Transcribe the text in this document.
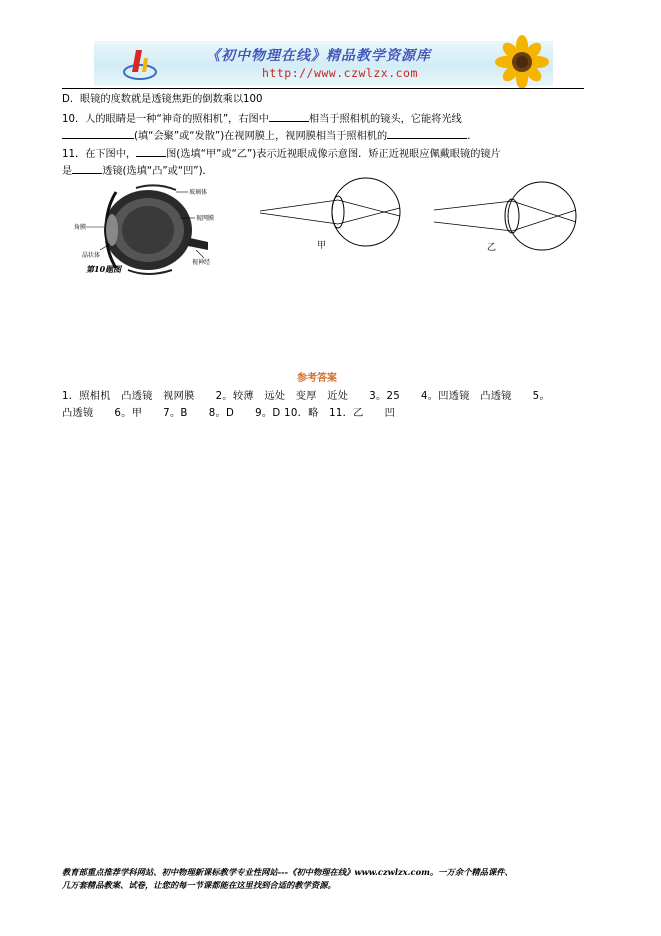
《初中物理在线》精品教学资源库
http://www.czwlzx.com
D．眼镜的度数就是透镜焦距的倒数乘以100
10．人的眼睛是一种“神奇的照相机”，右图中	相当于照相机的镜头，它能将光线
(填“会聚”或“发散”)在视网膜上，视网膜相当于照相机的	.
11．在下图中，	图(选填“甲”或“乙”)表示近视眼成像示意图．矫正近视眼应佩戴眼镜的镜片
是	透镜(选填“凸”或“凹”)．
玻璃体
视网膜
角膜
晶状体
视神经
第10题图
甲	乙
参考答案
1．照相机　凸透镜　视网膜　　2。较薄　远处　变厚　近处　　3。25　　4。凹透镜　凸透镜　　5。
凸透镜　　6。甲　　7。B　　8。D　　9。D 10．略　11．乙　　凹
教育部重点推荐学科网站、初中物理新课标教学专业性网站---《初中物理在线》www.czwlzx.com。一万余个精品课件、
几万套精品教案、试卷，让您的每一节课都能在这里找到合适的教学资源。
